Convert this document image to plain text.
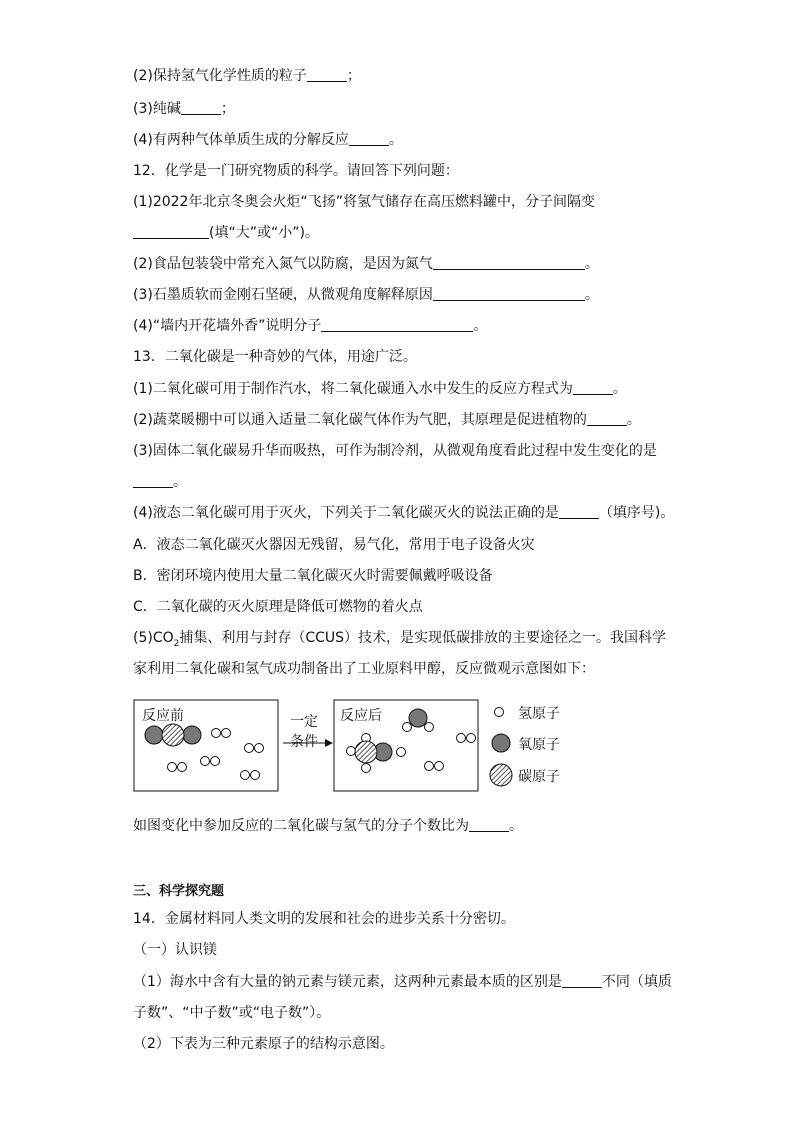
(2)保持氢气化学性质的粒子	；
(3)纯碱	；
(4)有两种气体单质生成的分解反应	。
12．化学是一门研究物质的科学。请回答下列问题：
(1)2022年北京冬奥会火炬“飞扬”将氢气储存在高压燃料罐中，分子间隔变
(填“大”或“小”)。
(2)食品包装袋中常充入氮气以防腐，是因为氮气	。
(3)石墨质软而金刚石坚硬，从微观角度解释原因	。
(4)“墙内开花墙外香”说明分子	。
13．二氧化碳是一种奇妙的气体，用途广泛。
(1)二氧化碳可用于制作汽水，将二氧化碳通入水中发生的反应方程式为	。
(2)蔬菜暖棚中可以通入适量二氧化碳气体作为气肥，其原理是促进植物的	。
(3)固体二氧化碳易升华而吸热，可作为制冷剂，从微观角度看此过程中发生变化的是
。
(4)液态二氧化碳可用于灭火，下列关于二氧化碳灭火的说法正确的是	（填序号)。
A．液态二氧化碳灭火器因无残留，易气化，常用于电子设备火灾
B．密闭环境内使用大量二氧化碳灭火时需要佩戴呼吸设备
C．二氧化碳的灭火原理是降低可燃物的着火点
$(5)CO_2$捕集、利用与封存（CCUS）技术，是实现低碳排放的主要途径之一。我国科学
家利用二氧化碳和氢气成功制备出了工业原料甲醇，反应微观示意图如下：
反应前	一定
条件
反应后	氢原子
氧原子
碳原子
如图变化中参加反应的二氧化碳与氢气的分子个数比为	。
三、科学探究题
14．金属材料同人类文明的发展和社会的进步关系十分密切。
（一）认识镁
（1）海水中含有大量的钠元素与镁元素，这两种元素最本质的区别是	不同（填质
子数”、“中子数”或“电子数”）。
（2）下表为三种元素原子的结构示意图。
